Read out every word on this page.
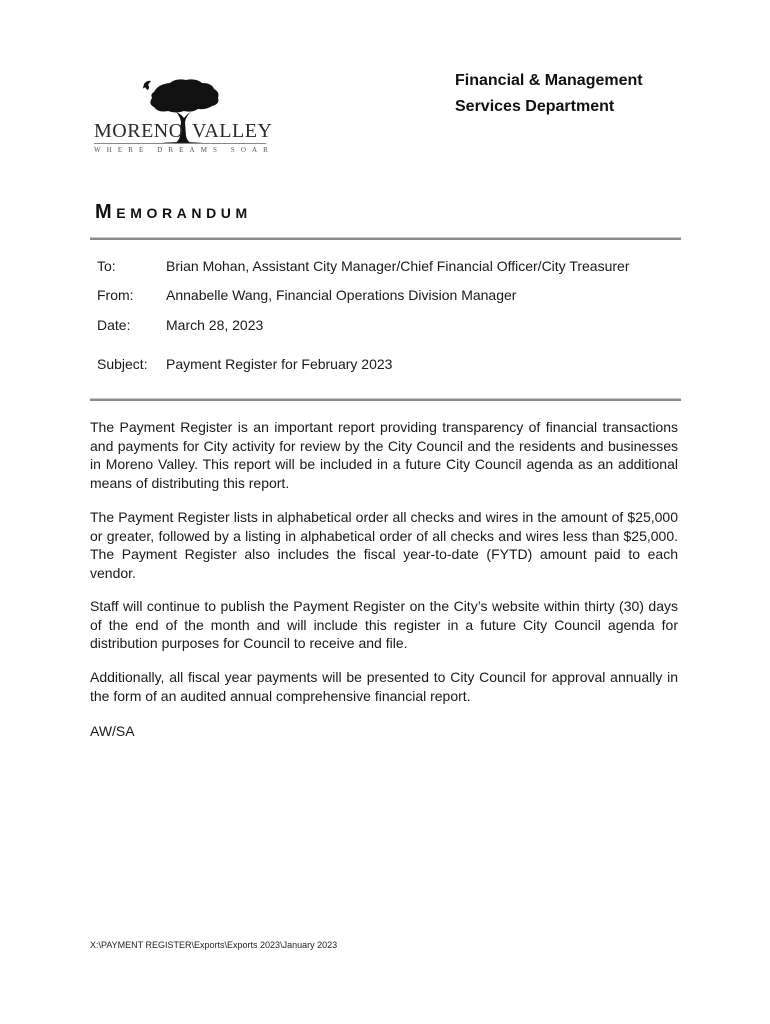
MORENO VALLEY
WHERE DREAMS SOAR
Financial & Management
Services Department
MEMORANDUM
To:	Brian Mohan, Assistant City Manager/Chief Financial Officer/City Treasurer
From: Annabelle Wang, Financial Operations Division Manager
Date:	March 28, 2023
Subject: Payment Register for February 2023

The Payment Register is an important report providing transparency of financial transactions and payments for City activity for review by the City Council and the residents and businesses in Moreno Valley. This report will be included in a future City Council agenda as an additional means of distributing this report.

The Payment Register lists in alphabetical order all checks and wires in the amount of $25,000 or greater, followed by a listing in alphabetical order of all checks and wires less than $25,000. The Payment Register also includes the fiscal year-to-date (FYTD) amount paid to each vendor.

Staff will continue to publish the Payment Register on the City’s website within thirty (30) days of the end of the month and will include this register in a future City Council agenda for distribution purposes for Council to receive and file.

Additionally, all fiscal year payments will be presented to City Council for approval annually in the form of an audited annual comprehensive financial report.

AW/SA

X:\PAYMENT REGISTER\Exports\Exports 2023\January 2023
